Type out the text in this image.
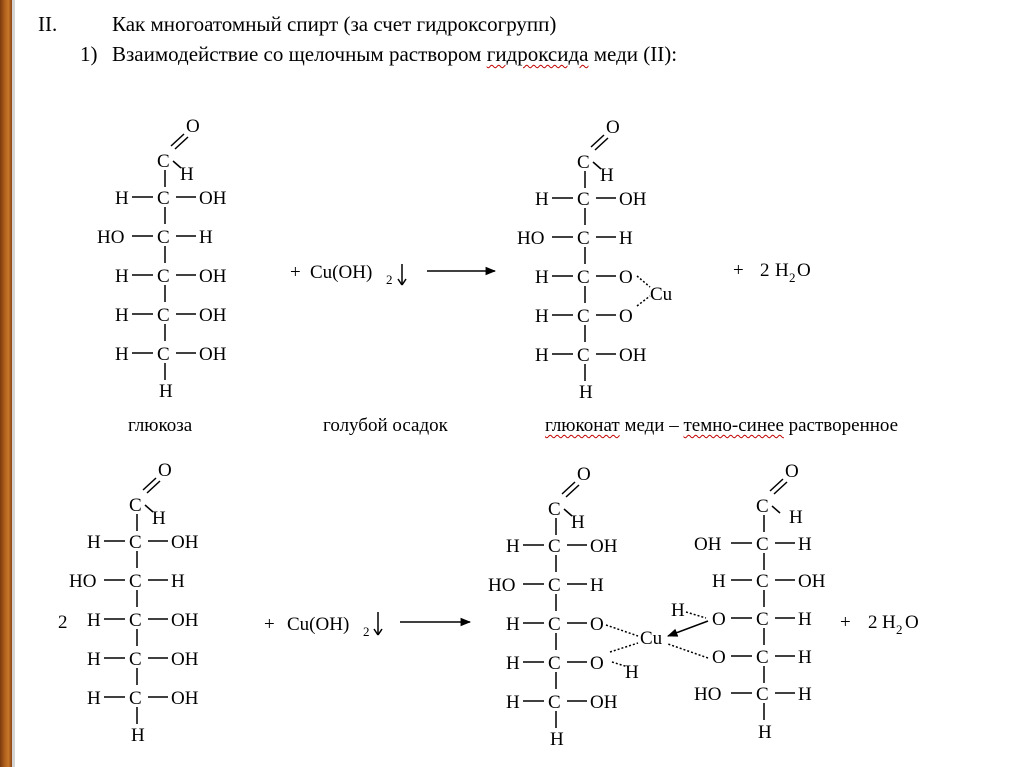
II.	Как многоатомный спирт (за счет гидроксогрупп)
1) Взаимодействие со щелочным раствором гидроксида меди (II):
глюкоза	голубой осадок	глюконат меди – темно-синее растворенное
O
C
H
C
H	OH
C
HO	H
C
H	OH
C
H	OH
C
H	OH
H
O
C
H
C
H	OH
C
HO	H
C
H	O
C
H	O
C
H	OH
H
Cu
+ Cu(OH) 2	+ 2 H 2 O
2
O
C
H
C
H	OH
C
HO	H
C
H	OH
C
H	OH
C
H	OH
H
+ Cu(OH) 2
O
C
H
C
H	OH
C
HO	H
C
H	O
C
H	O
C
H	OH
H
H
Cu
O
C
H
C
OH	H
C
H	OH
C
O	H
C
O	H
C
HO	H
H
H
+ 2 H 2 O
